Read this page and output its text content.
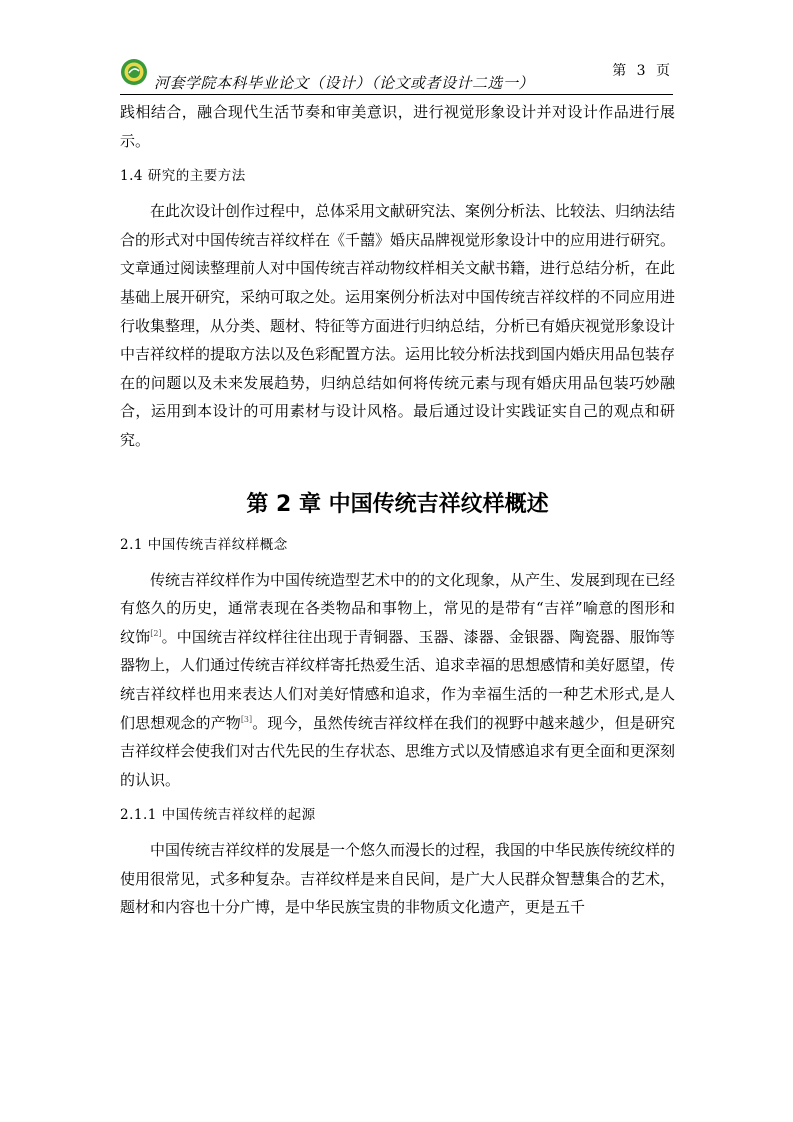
河套学院本科毕业论文（设计）（论文或者设计二选一）
第 3 页

践相结合，融合现代生活节奏和审美意识，进行视觉形象设计并对设计作品进行展示。

1.4 研究的主要方法

在此次设计创作过程中，总体采用文献研究法、案例分析法、比较法、归纳法结合的形式对中国传统吉祥纹样在《千囍》婚庆品牌视觉形象设计中的应用进行研究。文章通过阅读整理前人对中国传统吉祥动物纹样相关文献书籍，进行总结分析，在此基础上展开研究，采纳可取之处。运用案例分析法对中国传统吉祥纹样的不同应用进行收集整理，从分类、题材、特征等方面进行归纳总结，分析已有婚庆视觉形象设计中吉祥纹样的提取方法以及色彩配置方法。运用比较分析法找到国内婚庆用品包装存在的问题以及未来发展趋势，归纳总结如何将传统元素与现有婚庆用品包装巧妙融合，运用到本设计的可用素材与设计风格。最后通过设计实践证实自己的观点和研究。

第 2 章 中国传统吉祥纹样概述

2.1 中国传统吉祥纹样概念

传统吉祥纹样作为中国传统造型艺术中的的文化现象，从产生、发展到现在已经有悠久的历史，通常表现在各类物品和事物上，常见的是带有“吉祥”喻意的图形和纹饰[2]。中国统吉祥纹样往往出现于青铜器、玉器、漆器、金银器、陶瓷器、服饰等器物上，人们通过传统吉祥纹样寄托热爱生活、追求幸福的思想感情和美好愿望，传统吉祥纹样也用来表达人们对美好情感和追求，作为幸福生活的一种艺术形式,是人们思想观念的产物[3]。现今，虽然传统吉祥纹样在我们的视野中越来越少，但是研究吉祥纹样会使我们对古代先民的生存状态、思维方式以及情感追求有更全面和更深刻的认识。

2.1.1 中国传统吉祥纹样的起源

中国传统吉祥纹样的发展是一个悠久而漫长的过程，我国的中华民族传统纹样的使用很常见，式多种复杂。吉祥纹样是来自民间，是广大人民群众智慧集合的艺术，题材和内容也十分广博，是中华民族宝贵的非物质文化遗产，更是五千
